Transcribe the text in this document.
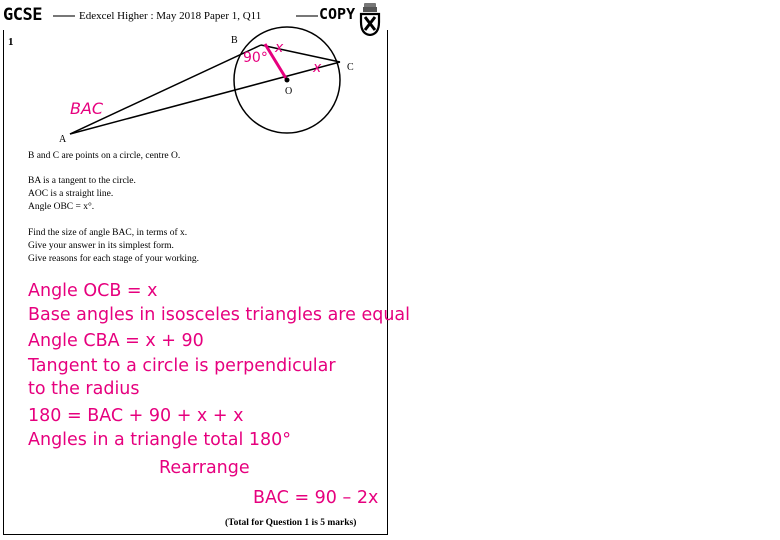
GCSE	Edexcel Higher : May 2018 Paper 1, Q11	COPY
1	B
C
O
A
90°
x
x
BAC
B and C are points on a circle, centre O.
BA is a tangent to the circle.
AOC is a straight line.
Angle OBC = x°.
Find the size of angle BAC, in terms of x.
Give your answer in its simplest form.
Give reasons for each stage of your working.
Angle OCB = x
Base angles in isosceles triangles are equal
Angle CBA = x + 90
Tangent to a circle is perpendicular
to the radius
180 = BAC + 90 + x + x
Angles in a triangle total 180°
Rearrange
BAC = 90 – 2x
(Total for Question 1 is 5 marks)
